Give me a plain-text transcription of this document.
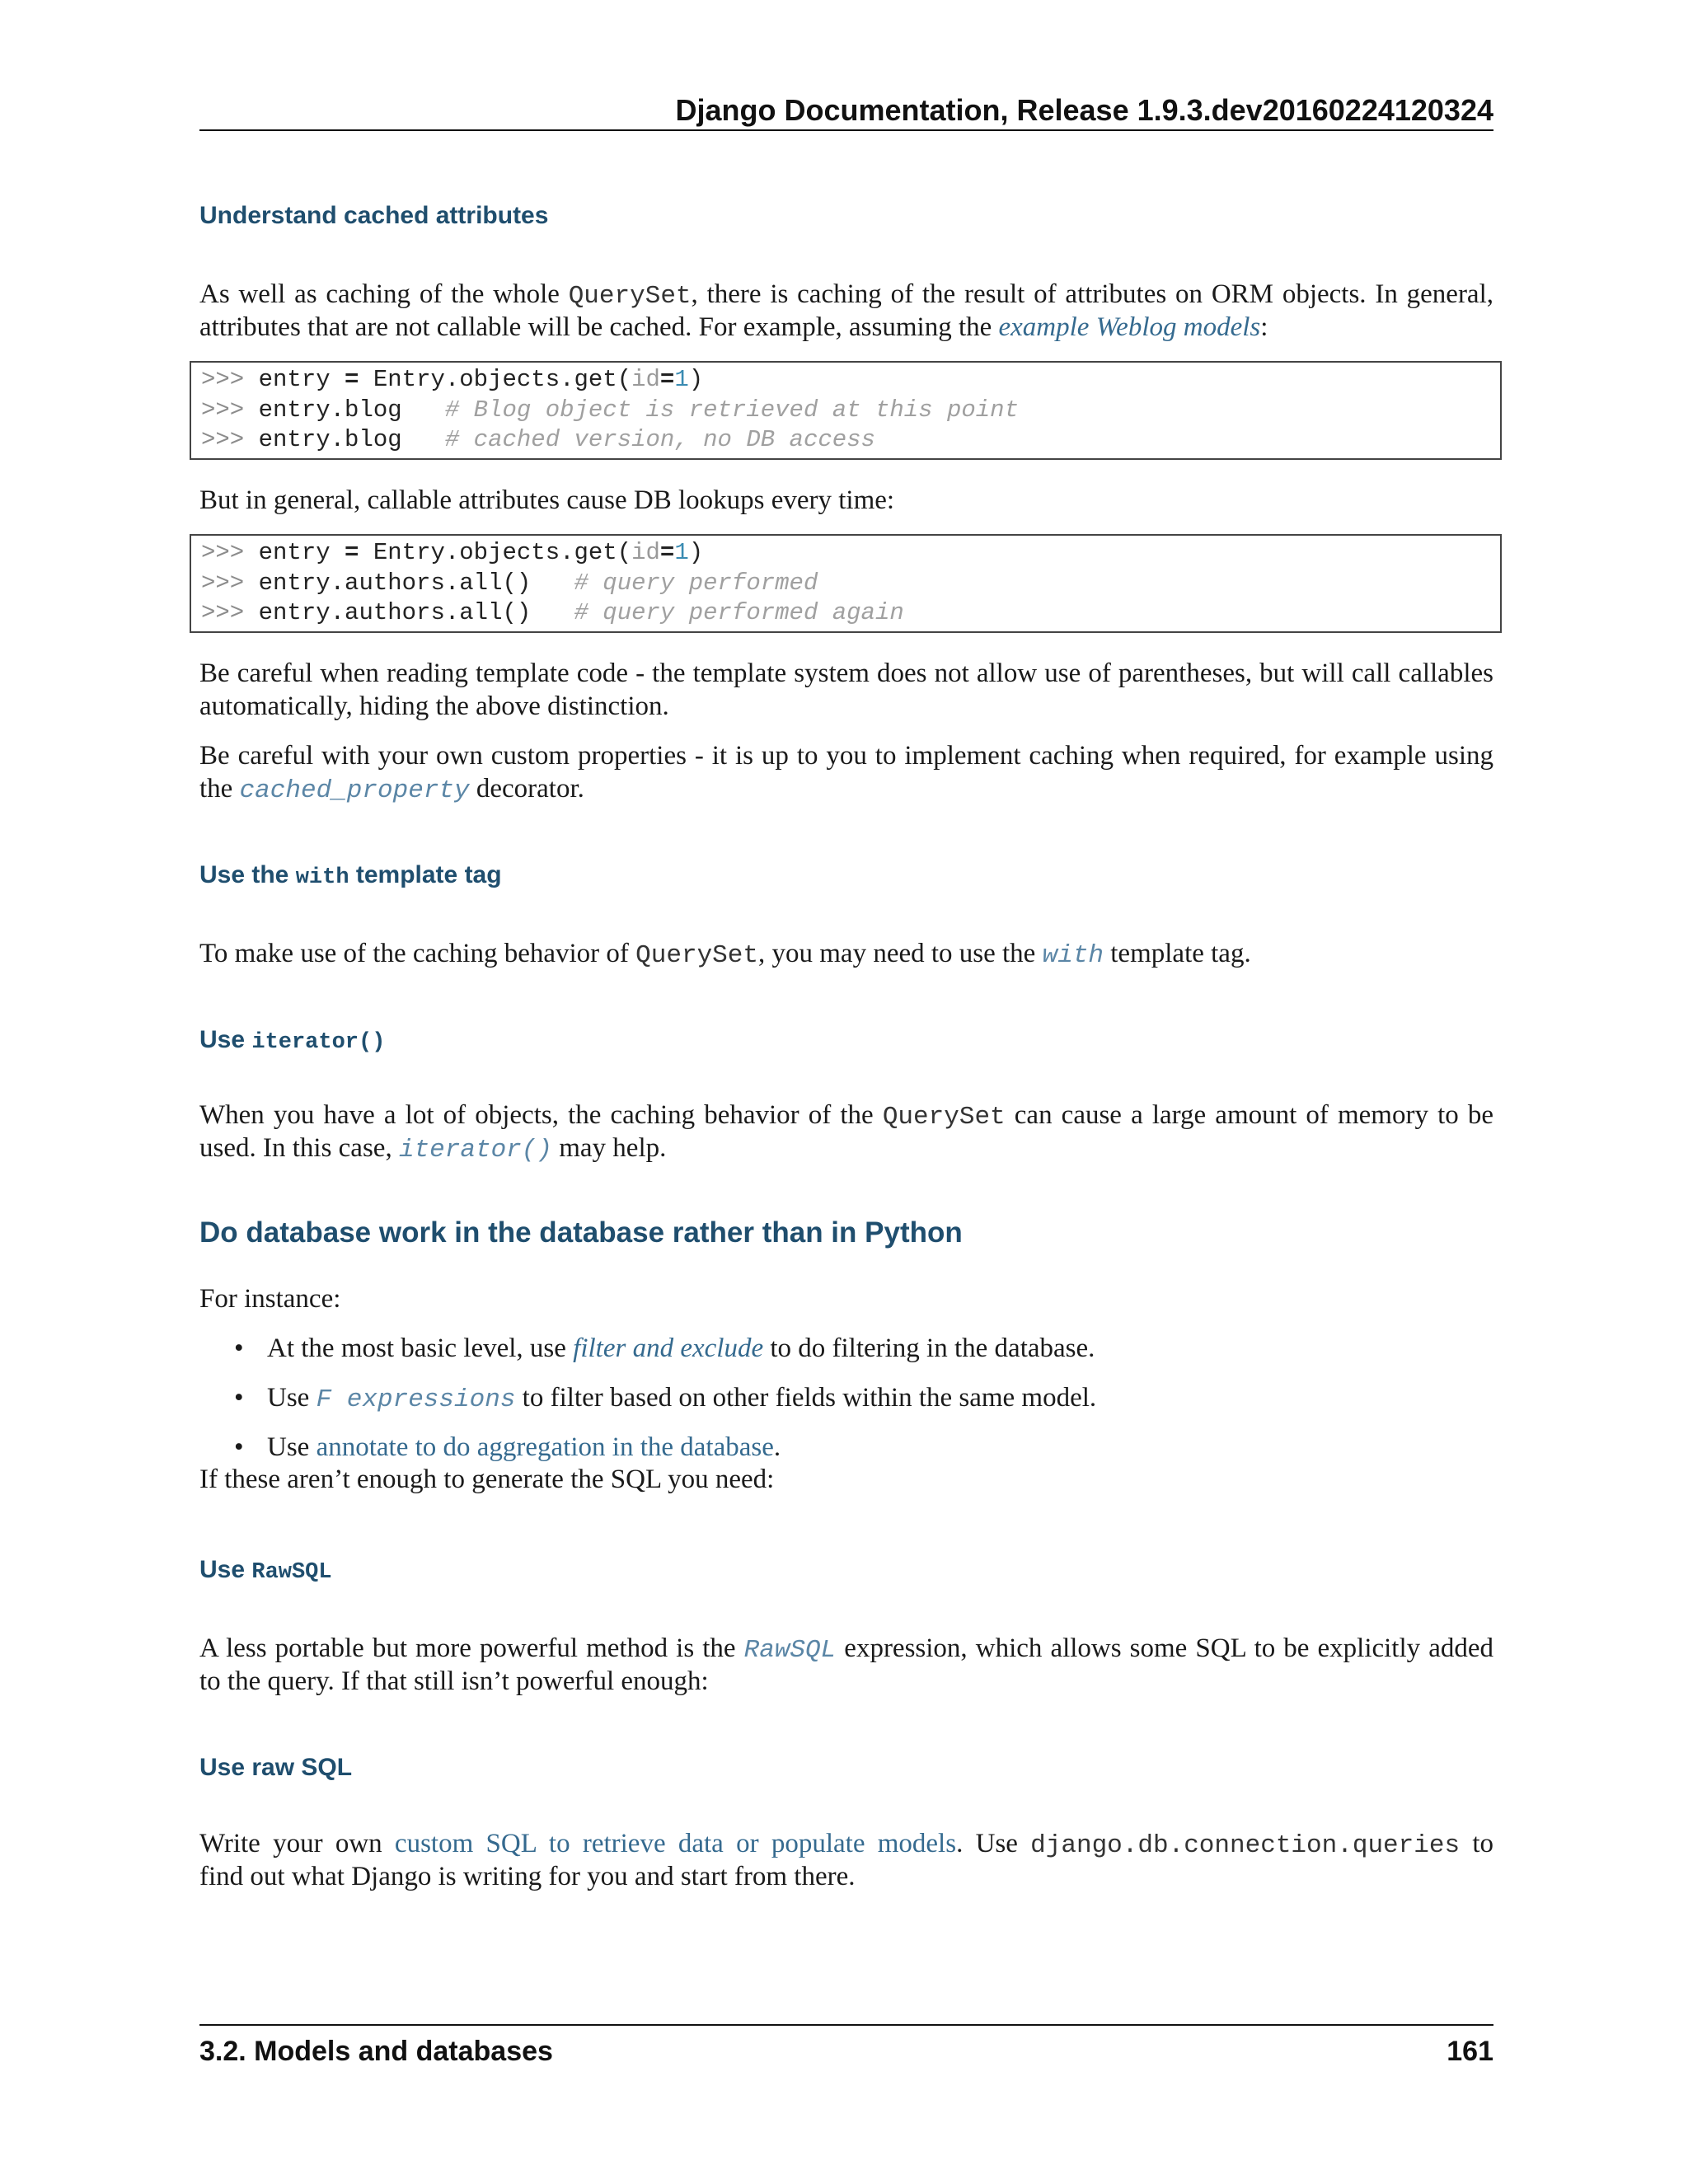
Django Documentation, Release 1.9.3.dev20160224120324
Understand cached attributes

As well as caching of the whole QuerySet, there is caching of the result of attributes on ORM objects. In general,

attributes that are not callable will be cached. For example, assuming the example Weblog models:

>>> entry = Entry.objects.get(id=1)
>>> entry.blog   # Blog object is retrieved at this point
>>> entry.blog   # cached version, no DB access

But in general, callable attributes cause DB lookups every time:

>>> entry = Entry.objects.get(id=1)
>>> entry.authors.all()   # query performed
>>> entry.authors.all()   # query performed again

Be careful when reading template code - the template system does not allow use of parentheses, but will call callables

automatically, hiding the above distinction.

Be careful with your own custom properties - it is up to you to implement caching when required, for example using

the cached_property decorator.

Use the with template tag

To make use of the caching behavior of QuerySet, you may need to use the with template tag.

Use iterator()

When you have a lot of objects, the caching behavior of the QuerySet can cause a large amount of memory to be

used. In this case, iterator() may help.

Do database work in the database rather than in Python

For instance:

• At the most basic level, use filter and exclude to do filtering in the database.
• Use F expressions to filter based on other fields within the same model.
• Use annotate to do aggregation in the database.

If these aren’t enough to generate the SQL you need:

Use RawSQL

A less portable but more powerful method is the RawSQL expression, which allows some SQL to be explicitly added

to the query. If that still isn’t powerful enough:

Use raw SQL

Write your own custom SQL to retrieve data or populate models. Use django.db.connection.queries to

find out what Django is writing for you and start from there.

3.2. Models and databases	161
